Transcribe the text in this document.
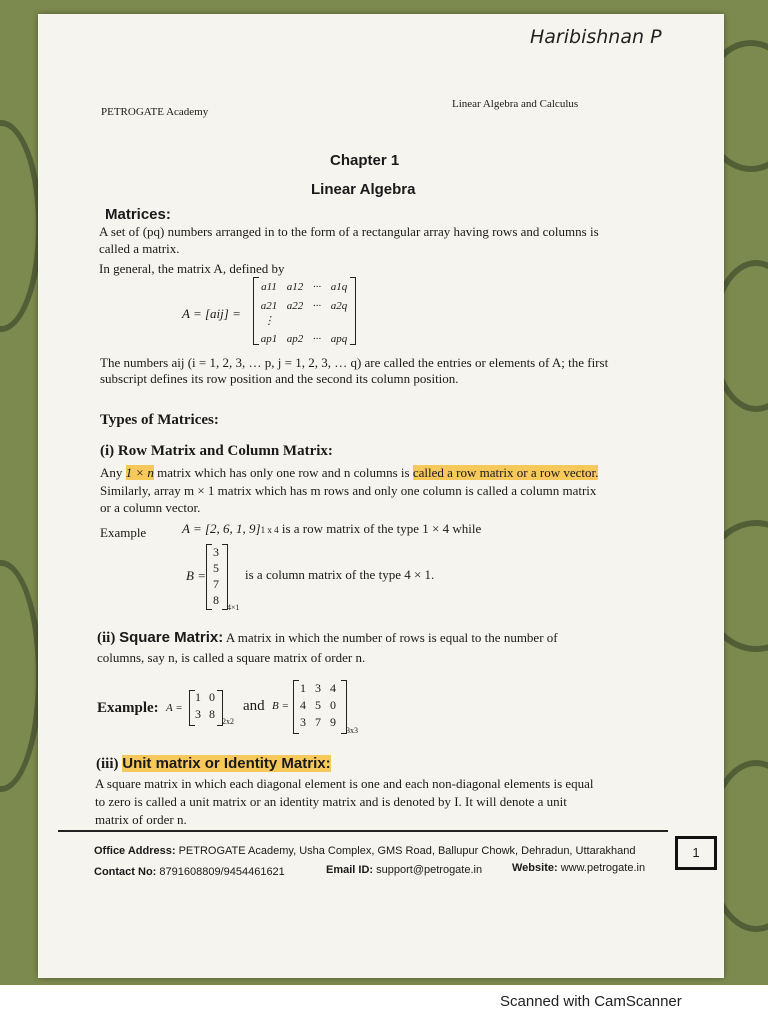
Haribishnan P
PETROGATE Academy
Linear Algebra and Calculus
Chapter 1
Linear Algebra
Matrices:
A set of (pq) numbers arranged in to the form of a rectangular array having rows and columns is
called a matrix.
In general, the matrix A, defined by
A = [aij] =
a11 a12 ··· a1q
a21 a22 ··· a2q
⋮
ap1 ap2 ··· apq
The numbers aij (i = 1, 2, 3, … p, j = 1, 2, 3, … q) are called the entries or elements of A; the first
subscript defines its row position and the second its column position.
Types of Matrices:
(i) Row Matrix and Column Matrix:
Any 1 × n matrix which has only one row and n columns is called a row matrix or a row vector.
Similarly, array m × 1 matrix which has m rows and only one column is called a column matrix
or a column vector.
Example	A = [2, 6, 1, 9]1 x 4 is a row matrix of the type 1 × 4 while
B =
3
5
7
8
4×1
is a column matrix of the type 4 × 1.
(ii) Square Matrix: A matrix in which the number of rows is equal to the number of
columns, say n, is called a square matrix of order n.
Example: A =
1 0
3 8
2x2
and B =
1 3 4
4 5 0
3 7 9
3x3
(iii) Unit matrix or Identity Matrix:
A square matrix in which each diagonal element is one and each non-diagonal elements is equal
to zero is called a unit matrix or an identity matrix and is denoted by I. It will denote a unit
matrix of order n.
Office Address: PETROGATE Academy, Usha Complex, GMS Road, Ballupur Chowk, Dehradun, Uttarakhand
Contact No: 8791608809/9454461621	Email ID: support@petrogate.in	Website: www.petrogate.in
1
Scanned with CamScanner
